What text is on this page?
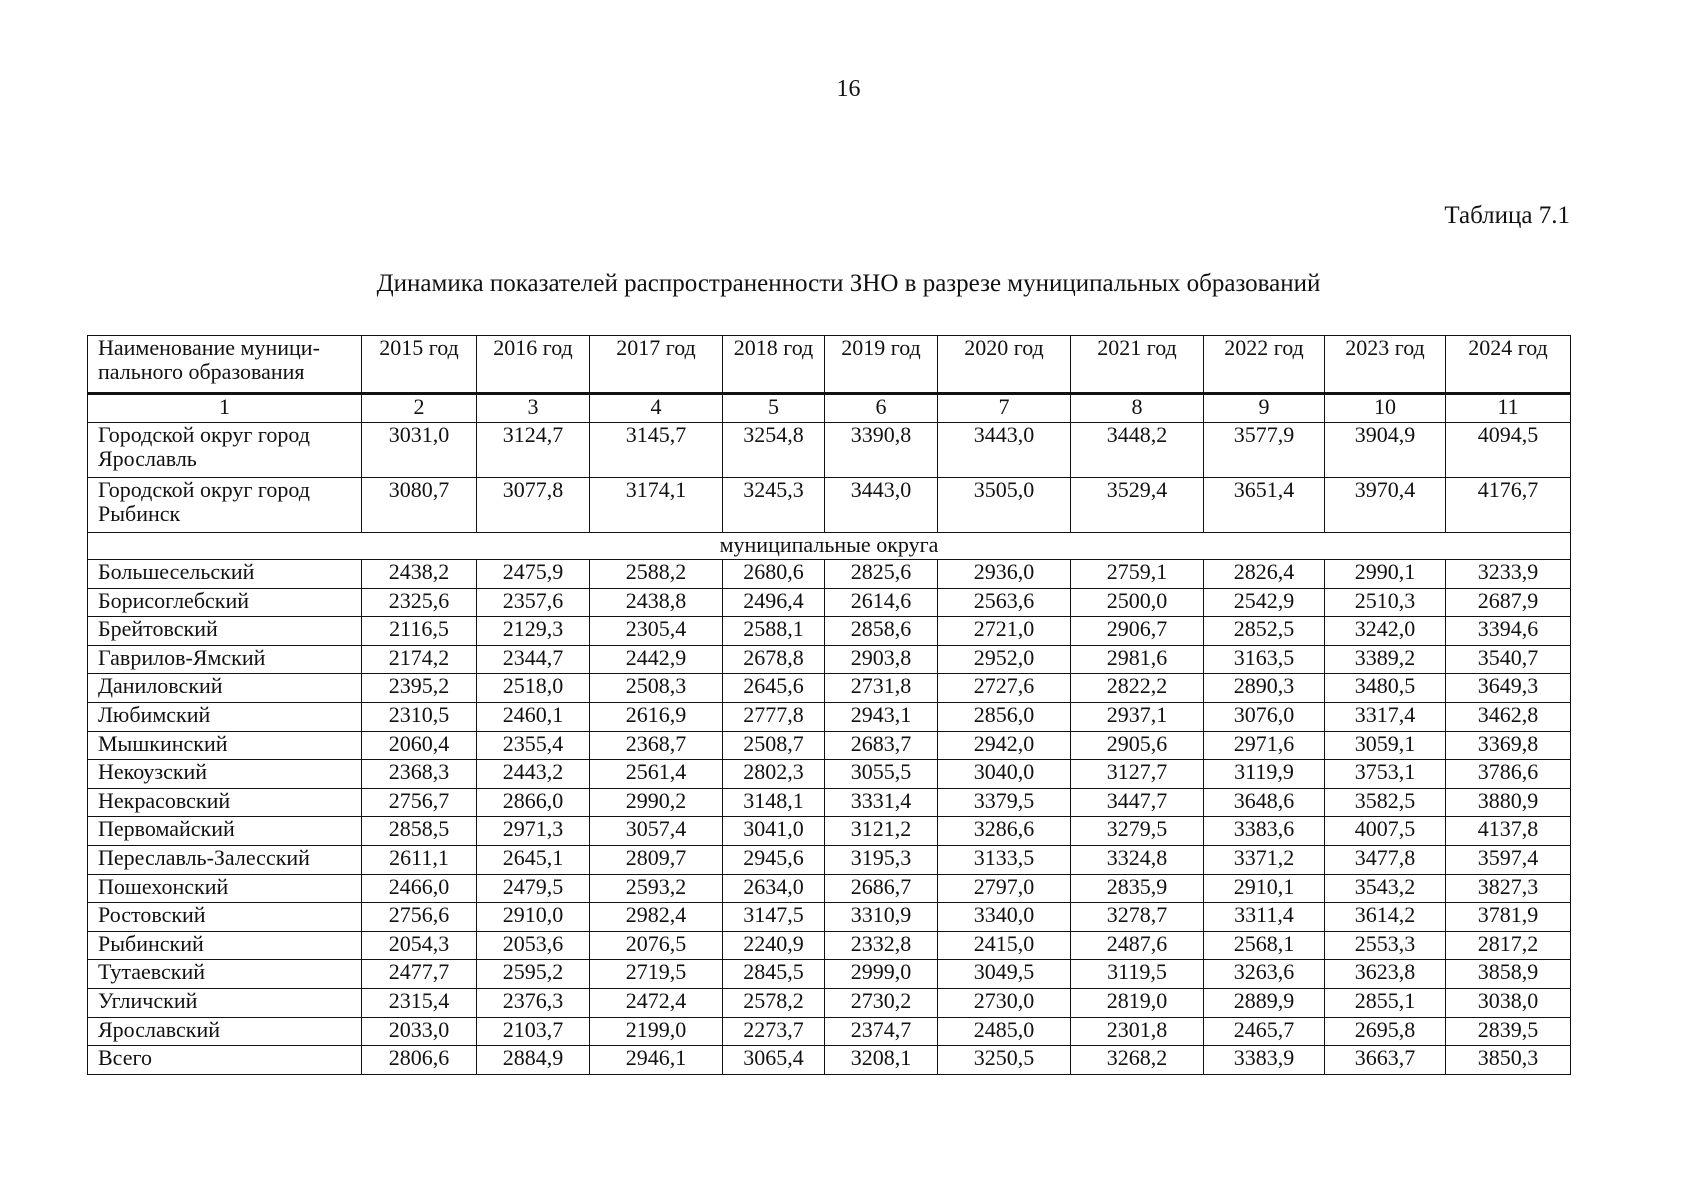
16
Таблица 7.1
Динамика показателей распространенности ЗНО в разрезе муниципальных образований
Наименование муници-
пального образования	2015 год	2016 год	2017 год	2018 год	2019 год	2020 год	2021 год	2022 год	2023 год	2024 год
1	2	3	4	5	6	7	8	9	10	11
Городской округ город Ярославль	3031,0	3124,7	3145,7	3254,8	3390,8	3443,0	3448,2	3577,9	3904,9	4094,5
Городской округ город Рыбинск	3080,7	3077,8	3174,1	3245,3	3443,0	3505,0	3529,4	3651,4	3970,4	4176,7
муниципальные округа										
Большесельский	2438,2	2475,9	2588,2	2680,6	2825,6	2936,0	2759,1	2826,4	2990,1	3233,9
Борисоглебский	2325,6	2357,6	2438,8	2496,4	2614,6	2563,6	2500,0	2542,9	2510,3	2687,9
Брейтовский	2116,5	2129,3	2305,4	2588,1	2858,6	2721,0	2906,7	2852,5	3242,0	3394,6
Гаврилов-Ямский	2174,2	2344,7	2442,9	2678,8	2903,8	2952,0	2981,6	3163,5	3389,2	3540,7
Даниловский	2395,2	2518,0	2508,3	2645,6	2731,8	2727,6	2822,2	2890,3	3480,5	3649,3
Любимский	2310,5	2460,1	2616,9	2777,8	2943,1	2856,0	2937,1	3076,0	3317,4	3462,8
Мышкинский	2060,4	2355,4	2368,7	2508,7	2683,7	2942,0	2905,6	2971,6	3059,1	3369,8
Некоузский	2368,3	2443,2	2561,4	2802,3	3055,5	3040,0	3127,7	3119,9	3753,1	3786,6
Некрасовский	2756,7	2866,0	2990,2	3148,1	3331,4	3379,5	3447,7	3648,6	3582,5	3880,9
Первомайский	2858,5	2971,3	3057,4	3041,0	3121,2	3286,6	3279,5	3383,6	4007,5	4137,8
Переславль-Залесский	2611,1	2645,1	2809,7	2945,6	3195,3	3133,5	3324,8	3371,2	3477,8	3597,4
Пошехонский	2466,0	2479,5	2593,2	2634,0	2686,7	2797,0	2835,9	2910,1	3543,2	3827,3
Ростовский	2756,6	2910,0	2982,4	3147,5	3310,9	3340,0	3278,7	3311,4	3614,2	3781,9
Рыбинский	2054,3	2053,6	2076,5	2240,9	2332,8	2415,0	2487,6	2568,1	2553,3	2817,2
Тутаевский	2477,7	2595,2	2719,5	2845,5	2999,0	3049,5	3119,5	3263,6	3623,8	3858,9
Угличский	2315,4	2376,3	2472,4	2578,2	2730,2	2730,0	2819,0	2889,9	2855,1	3038,0
Ярославский	2033,0	2103,7	2199,0	2273,7	2374,7	2485,0	2301,8	2465,7	2695,8	2839,5
Всего	2806,6	2884,9	2946,1	3065,4	3208,1	3250,5	3268,2	3383,9	3663,7	3850,3
